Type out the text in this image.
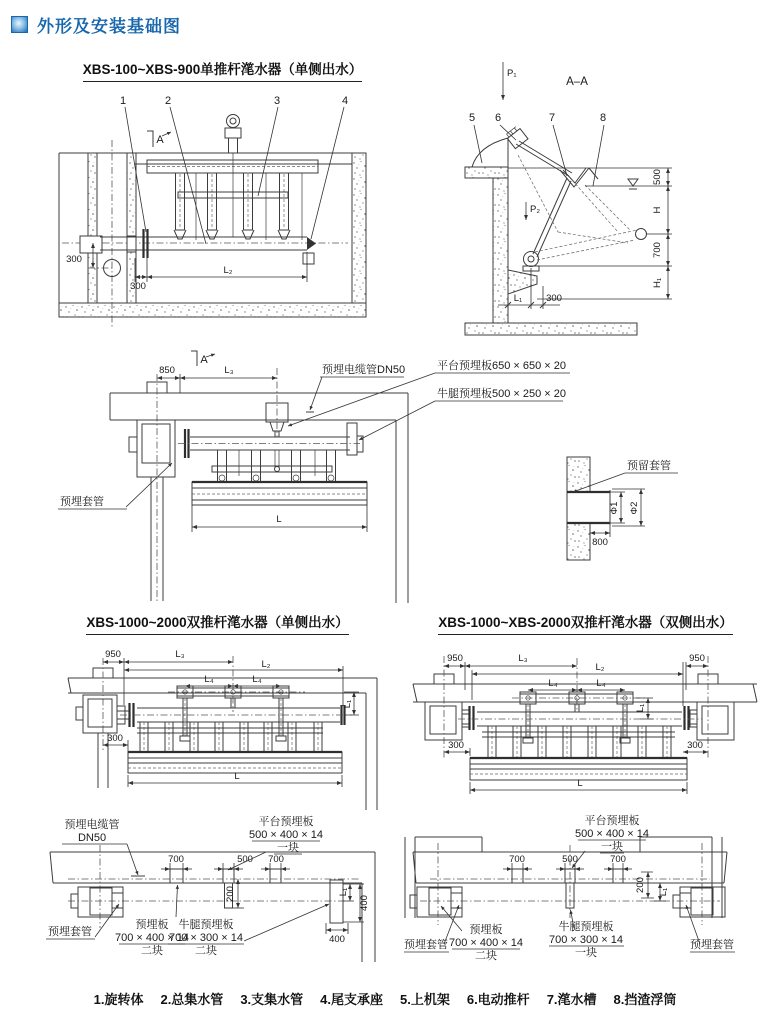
外形及安装基础图
XBS-100~XBS-900单推杆滗水器（单侧出水）
XBS-1000~2000双推杆滗水器（单侧出水）	XBS-1000~XBS-2000双推杆滗水器（双侧出水）
1	2	3	4
A
300
L₂
300
A–A
P₁
P₂
5 6	7	8
500
H
700
H₁
L₁	300
850	L₃
A
L
预埋电缆管DN50	平台预埋板650 × 650 × 20
牛腿预埋板500 × 250 × 20
预埋套管
预留套管
Φ1 Φ2
800
950	L₃
L₂
L₄	L₄
L₁
300
L
950	L₃	950
L₂
L₄	L₄
L₁
300	300
L
700	500 700
200	L₁
400
400
预埋电缆管
DN50
平台预埋板
500 × 400 × 14
一块
预埋套管
预埋板
700 × 400 × 14
二块
牛腿预埋板
700 × 300 × 14
二块
700	500	700
200 L₁
平台预埋板
500 × 400 × 14
一块
预埋板
700 × 400 × 14
二块
牛腿预埋板
700 × 300 × 14
一块
预埋套管	预埋套管
1.旋转体 2.总集水管 3.支集水管 4.尾支承座 5.上机架 6.电动推杆 7.滗水槽 8.挡渣浮筒
